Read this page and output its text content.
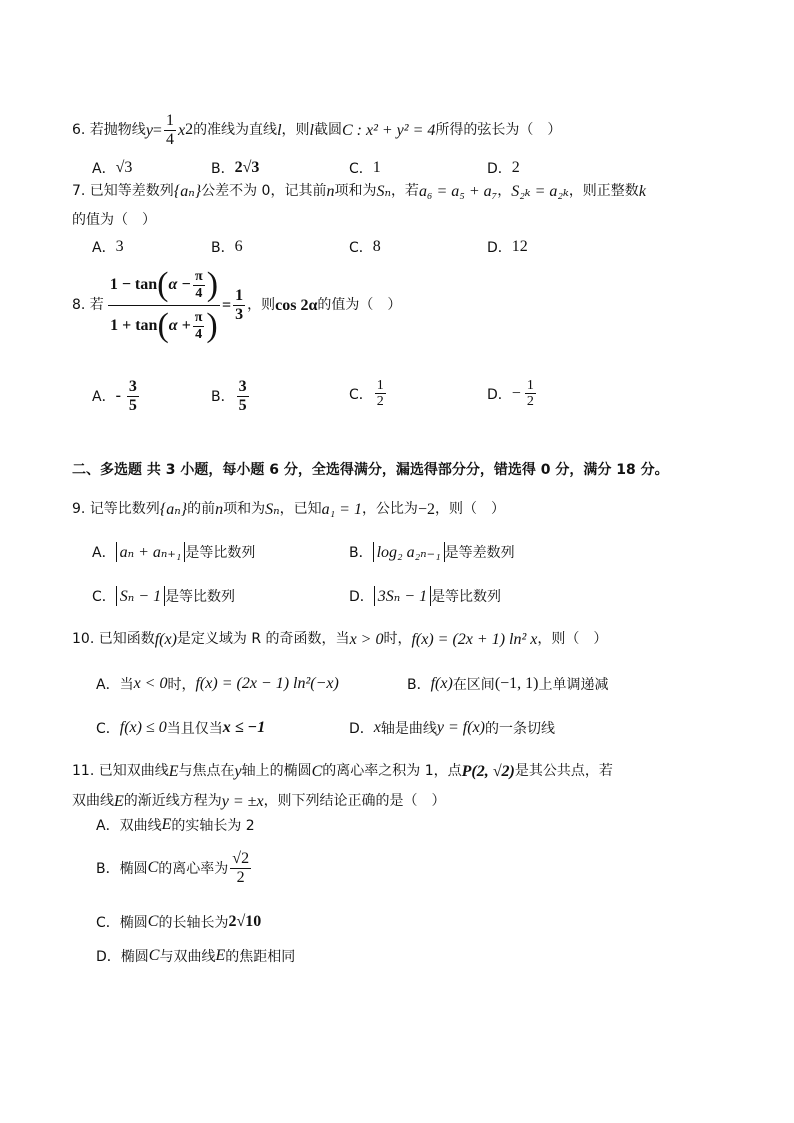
6. 若抛物线 $y = \frac{1}{4}$ x 2 的准线为直线 l ，则 l 截圆 C : x² + y² = 4 所得的弦长为（　）
A． √3	B． 2√3	C． 1	D． 2
7. 已知等差数列 {aₙ} 公差不为 0，记其前 n 项和为 Sₙ ，若 a₆ = a₅ + a₇ ， S₂ₖ = a₂ₖ ，则正整数 k
的值为（　）
A． 3	B． 6	C． 8	D． 12
8. 若
1 − tan ( $\alpha - \frac{\pi}{4}$ )
1 + tan ( $\alpha + \frac{\pi}{4}$ )
= $\frac{1}{3}$ ，则 cos 2α 的值为（　）
A． - $\frac{3}{5}$	B． $\frac{3}{5}$	C． $\frac{1}{2}$	D． − $\frac{1}{2}$
二、多选题 共 3 小题，每小题 6 分，全选得满分，漏选得部分分，错选得 0 分，满分 18 分。
9. 记等比数列 {aₙ} 的前 n 项和为 Sₙ ，已知 a₁ = 1 ，公比为 −2 ，则（　）
A． aₙ + aₙ₊₁ 是等比数列	B． log₂ a₂ₙ₋₁ 是等差数列
C． Sₙ − 1 是等比数列	D． 3Sₙ − 1 是等比数列
10. 已知函数 f(x) 是定义域为 R 的奇函数，当 x > 0 时， f(x) = (2x + 1) ln² x ，则（　）
A． 当 x < 0 时， f(x) = (2x − 1) ln²(−x)	B． f(x) 在区间 (−1, 1) 上单调递减
C． f(x) ≤ 0 当且仅当 x ≤ −1	D． x 轴是曲线 y = f(x) 的一条切线
11. 已知双曲线 E 与焦点在 y 轴上的椭圆 C 的离心率之积为 1，点 P(2, √2) 是其公共点，若
双曲线 E 的渐近线方程为 y = ±x ，则下列结论正确的是（　）
A．双曲线 E 的实轴长为 2
B．椭圆 C 的离心率为 $\frac{√2}{2}$
C．椭圆 C 的长轴长为 2√10
D．椭圆 C 与双曲线 E 的焦距相同
